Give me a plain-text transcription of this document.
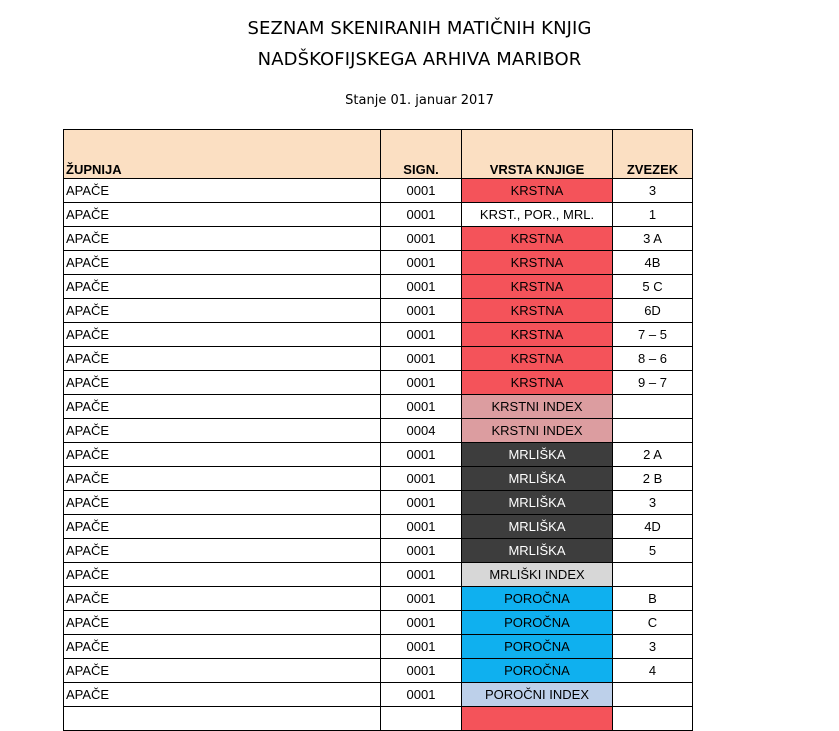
SEZNAM SKENIRANIH MATIČNIH KNJIG
NADŠKOFIJSKEGA ARHIVA MARIBOR
Stanje 01. januar 2017
ŽUPNIJA	SIGN.	VRSTA KNJIGE	ZVEZEK	
APAČE	0001	KRSTNA	3	
APAČE	0001	KRST., POR., MRL.	1	
APAČE	0001	KRSTNA	3 A	
APAČE	0001	KRSTNA	4B	
APAČE	0001	KRSTNA	5 C	
APAČE	0001	KRSTNA	6D	
APAČE	0001	KRSTNA	7 – 5	
APAČE	0001	KRSTNA	8 – 6	
APAČE	0001	KRSTNA	9 – 7	
APAČE	0001	KRSTNI INDEX		
APAČE	0004	KRSTNI INDEX		
APAČE	0001	MRLIŠKA	2 A	
APAČE	0001	MRLIŠKA	2 B	
APAČE	0001	MRLIŠKA	3	
APAČE	0001	MRLIŠKA	4D	
APAČE	0001	MRLIŠKA	5	
APAČE	0001	MRLIŠKI INDEX		
APAČE	0001	POROČNA	B	
APAČE	0001	POROČNA	C	
APAČE	0001	POROČNA	3	
APAČE	0001	POROČNA	4	
APAČE	0001	POROČNI INDEX		
